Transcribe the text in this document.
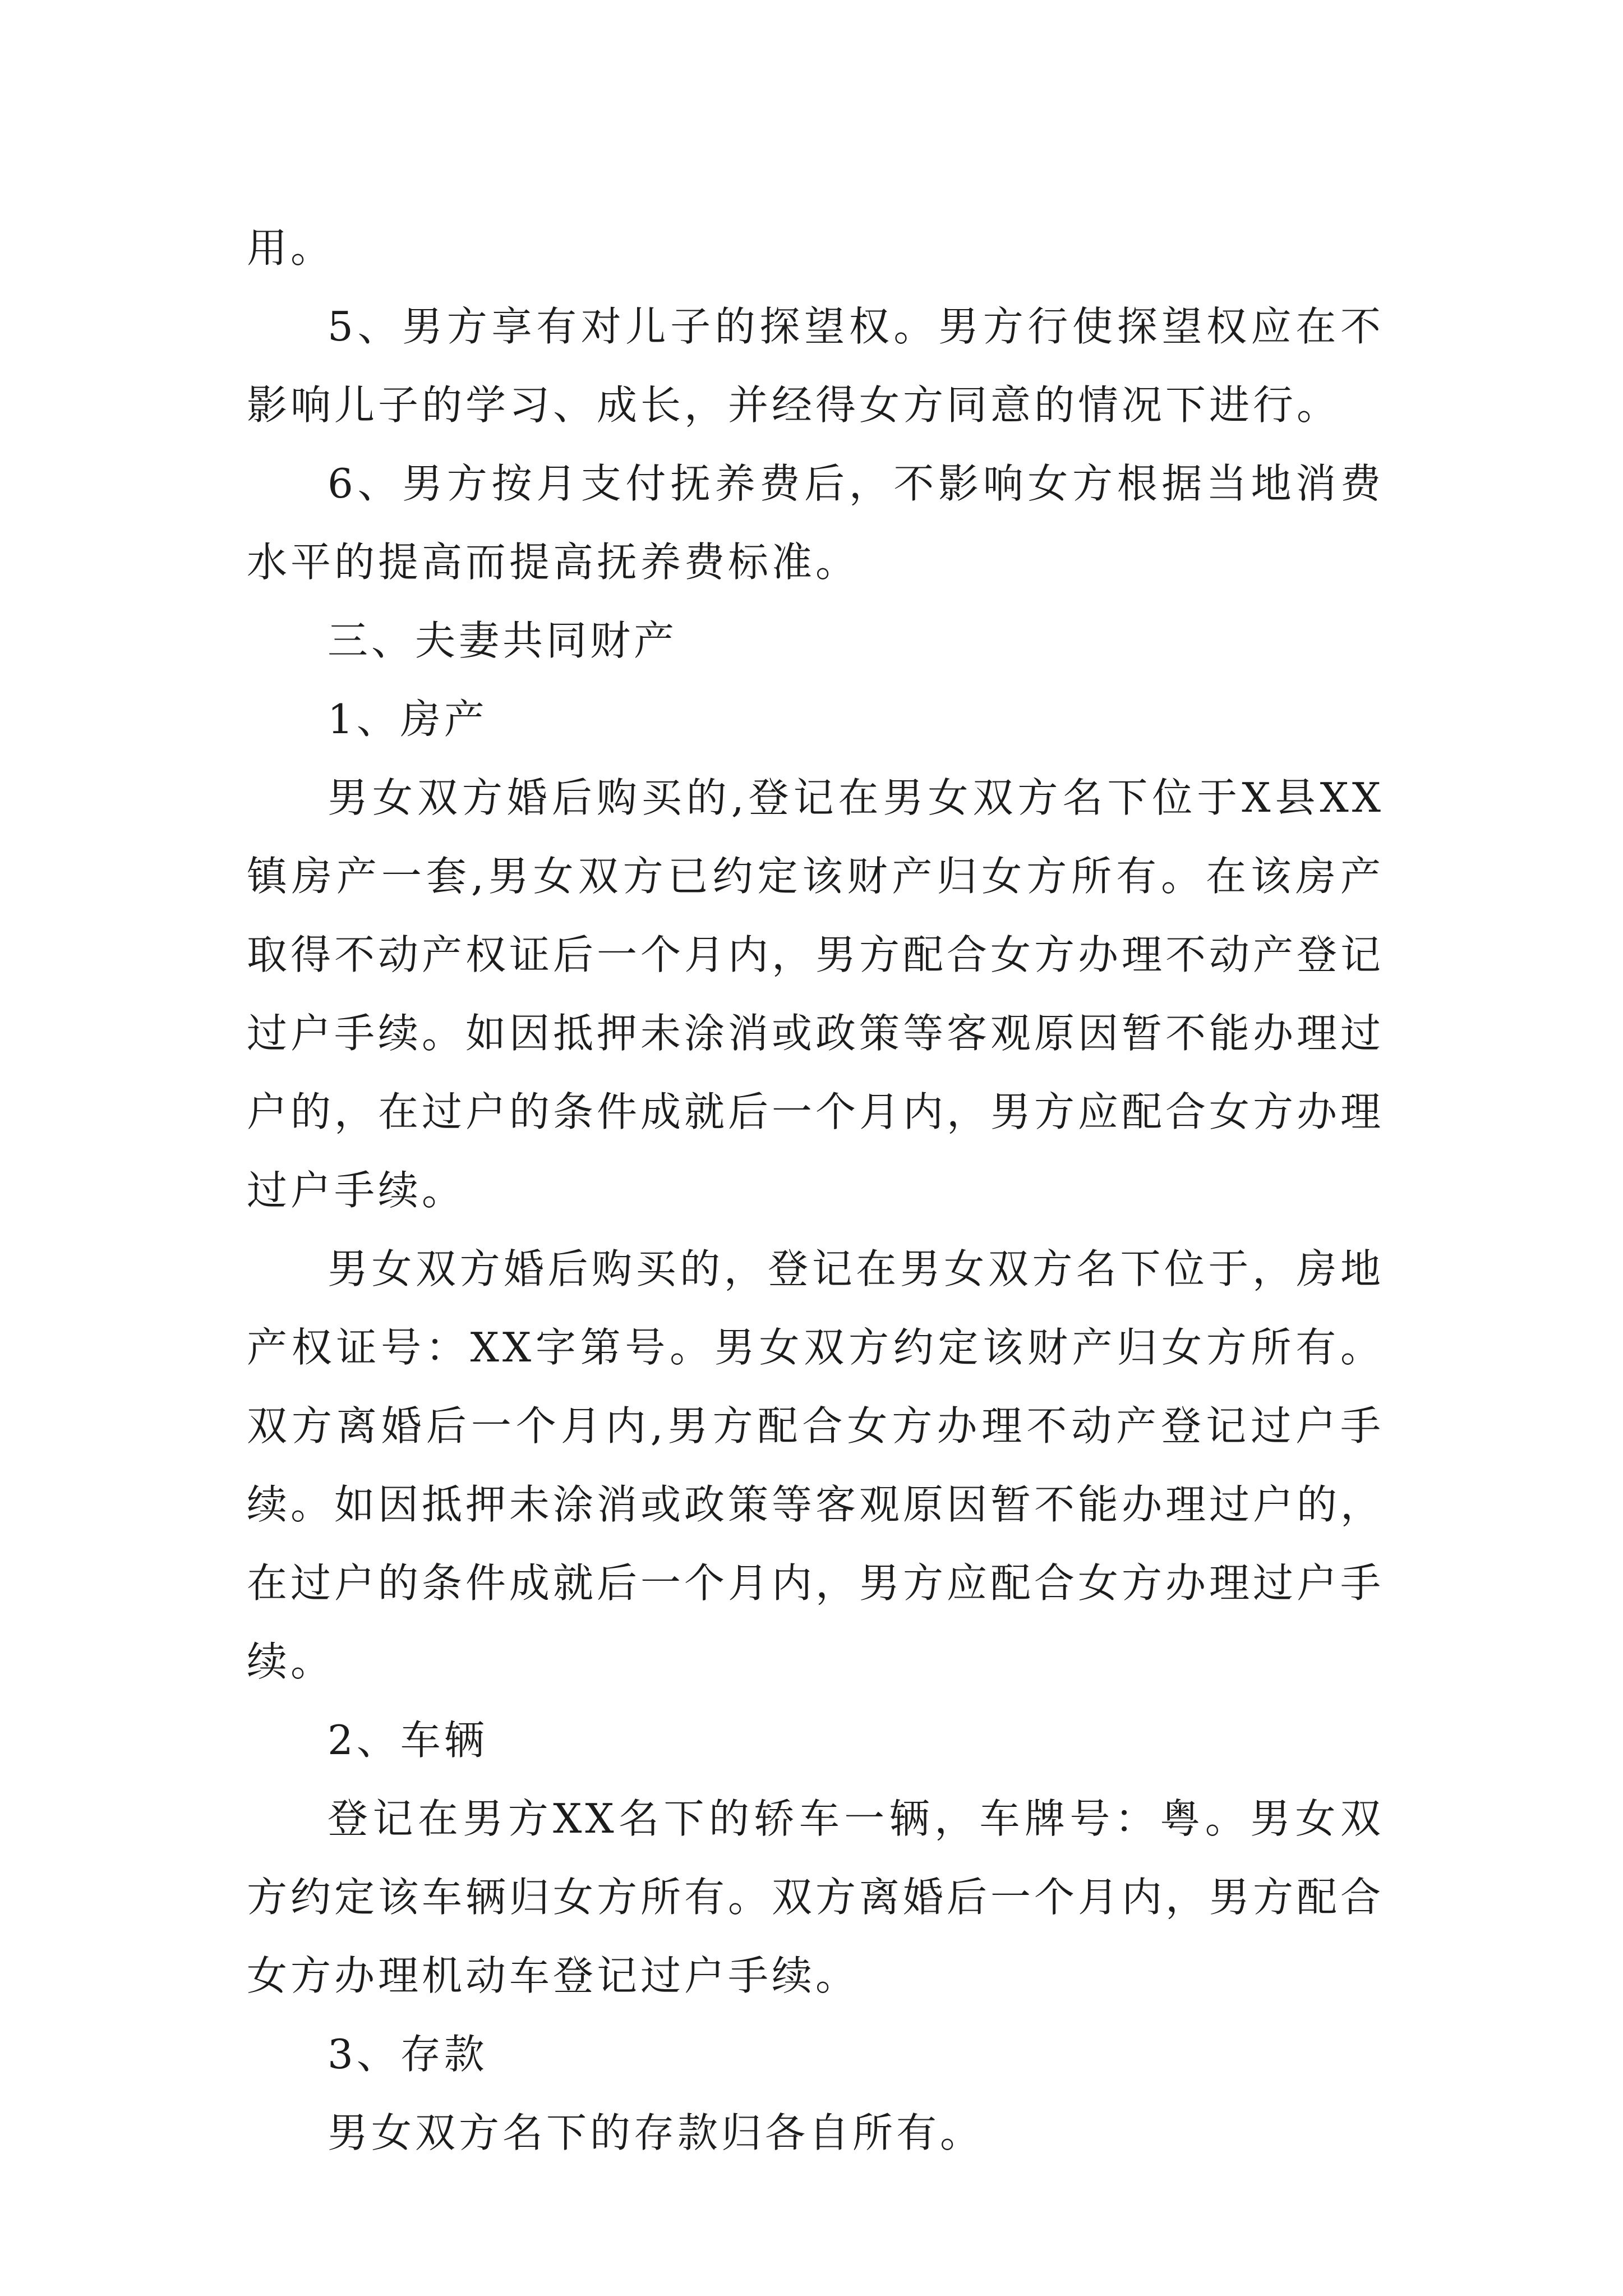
用。

5、男方享有对儿子的探望权。男方行使探望权应在不影响儿子的学习、成长，并经得女方同意的情况下进行。

6、男方按月支付抚养费后，不影响女方根据当地消费水平的提高而提高抚养费标准。

三、夫妻共同财产

1、房产

男女双方婚后购买的,登记在男女双方名下位于X县XX镇房产一套,男女双方已约定该财产归女方所有。在该房产取得不动产权证后一个月内，男方配合女方办理不动产登记过户手续。如因抵押未涂消或政策等客观原因暂不能办理过户的，在过户的条件成就后一个月内，男方应配合女方办理过户手续。

男女双方婚后购买的，登记在男女双方名下位于，房地产权证号：XX字第号。男女双方约定该财产归女方所有。双方离婚后一个月内,男方配合女方办理不动产登记过户手续。如因抵押未涂消或政策等客观原因暂不能办理过户的，在过户的条件成就后一个月内，男方应配合女方办理过户手续。

2、车辆

登记在男方XX名下的轿车一辆，车牌号：粤。男女双方约定该车辆归女方所有。双方离婚后一个月内，男方配合女方办理机动车登记过户手续。

3、存款

男女双方名下的存款归各自所有。
